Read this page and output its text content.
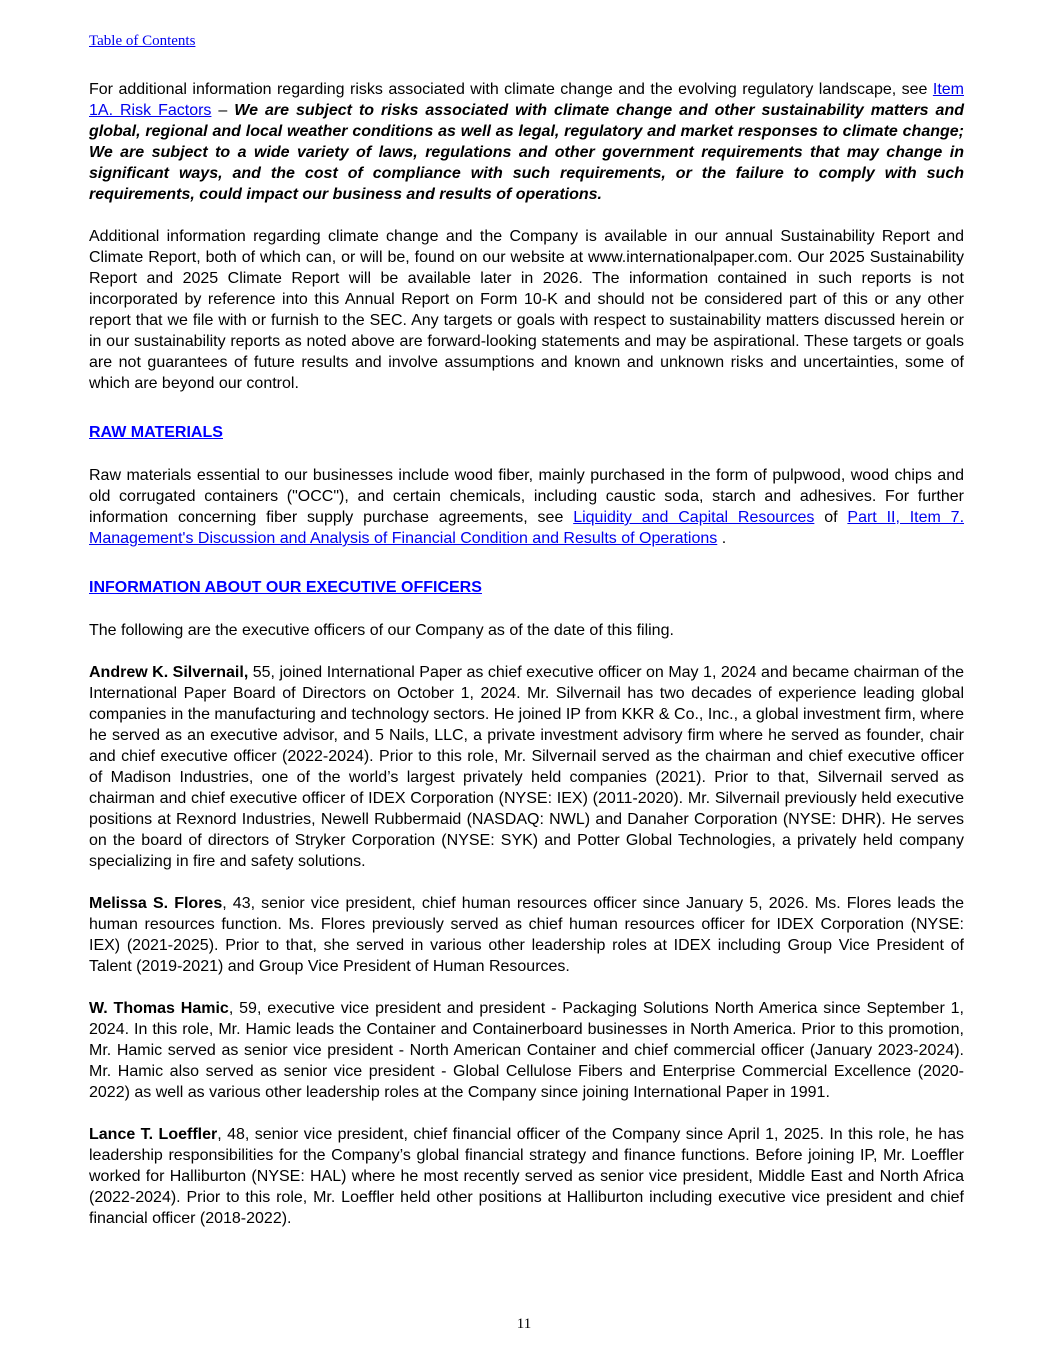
Table of Contents

For additional information regarding risks associated with climate change and the evolving regulatory landscape, see Item 1A. Risk Factors – We are subject to risks associated with climate change and other sustainability matters and global, regional and local weather conditions as well as legal, regulatory and market responses to climate change; We are subject to a wide variety of laws, regulations and other government requirements that may change in significant ways, and the cost of compliance with such requirements, or the failure to comply with such requirements, could impact our business and results of operations.

Additional information regarding climate change and the Company is available in our annual Sustainability Report and Climate Report, both of which can, or will be, found on our website at www.internationalpaper.com. Our 2025 Sustainability Report and 2025 Climate Report will be available later in 2026. The information contained in such reports is not incorporated by reference into this Annual Report on Form 10-K and should not be considered part of this or any other report that we file with or furnish to the SEC. Any targets or goals with respect to sustainability matters discussed herein or in our sustainability reports as noted above are forward-looking statements and may be aspirational. These targets or goals are not guarantees of future results and involve assumptions and known and unknown risks and uncertainties, some of which are beyond our control.

RAW MATERIALS

Raw materials essential to our businesses include wood fiber, mainly purchased in the form of pulpwood, wood chips and old corrugated containers ("OCC"), and certain chemicals, including caustic soda, starch and adhesives. For further information concerning fiber supply purchase agreements, see Liquidity and Capital Resources of Part II, Item 7. Management's Discussion and Analysis of Financial Condition and Results of Operations .

INFORMATION ABOUT OUR EXECUTIVE OFFICERS

The following are the executive officers of our Company as of the date of this filing.

Andrew K. Silvernail, 55, joined International Paper as chief executive officer on May 1, 2024 and became chairman of the International Paper Board of Directors on October 1, 2024. Mr. Silvernail has two decades of experience leading global companies in the manufacturing and technology sectors. He joined IP from KKR & Co., Inc., a global investment firm, where he served as an executive advisor, and 5 Nails, LLC, a private investment advisory firm where he served as founder, chair and chief executive officer (2022-2024). Prior to this role, Mr. Silvernail served as the chairman and chief executive officer of Madison Industries, one of the world’s largest privately held companies (2021). Prior to that, Silvernail served as chairman and chief executive officer of IDEX Corporation (NYSE: IEX) (2011-2020). Mr. Silvernail previously held executive positions at Rexnord Industries, Newell Rubbermaid (NASDAQ: NWL) and Danaher Corporation (NYSE: DHR). He serves on the board of directors of Stryker Corporation (NYSE: SYK) and Potter Global Technologies, a privately held company specializing in fire and safety solutions.

Melissa S. Flores, 43, senior vice president, chief human resources officer since January 5, 2026. Ms. Flores leads the human resources function. Ms. Flores previously served as chief human resources officer for IDEX Corporation (NYSE: IEX) (2021-2025). Prior to that, she served in various other leadership roles at IDEX including Group Vice President of Talent (2019-2021) and Group Vice President of Human Resources.

W. Thomas Hamic, 59, executive vice president and president - Packaging Solutions North America since September 1, 2024. In this role, Mr. Hamic leads the Container and Containerboard businesses in North America. Prior to this promotion, Mr. Hamic served as senior vice president - North American Container and chief commercial officer (January 2023-2024). Mr. Hamic also served as senior vice president - Global Cellulose Fibers and Enterprise Commercial Excellence (2020-2022) as well as various other leadership roles at the Company since joining International Paper in 1991.

Lance T. Loeffler, 48, senior vice president, chief financial officer of the Company since April 1, 2025. In this role, he has leadership responsibilities for the Company’s global financial strategy and finance functions. Before joining IP, Mr. Loeffler worked for Halliburton (NYSE: HAL) where he most recently served as senior vice president, Middle East and North Africa (2022-2024). Prior to this role, Mr. Loeffler held other positions at Halliburton including executive vice president and chief financial officer (2018-2022).

11
